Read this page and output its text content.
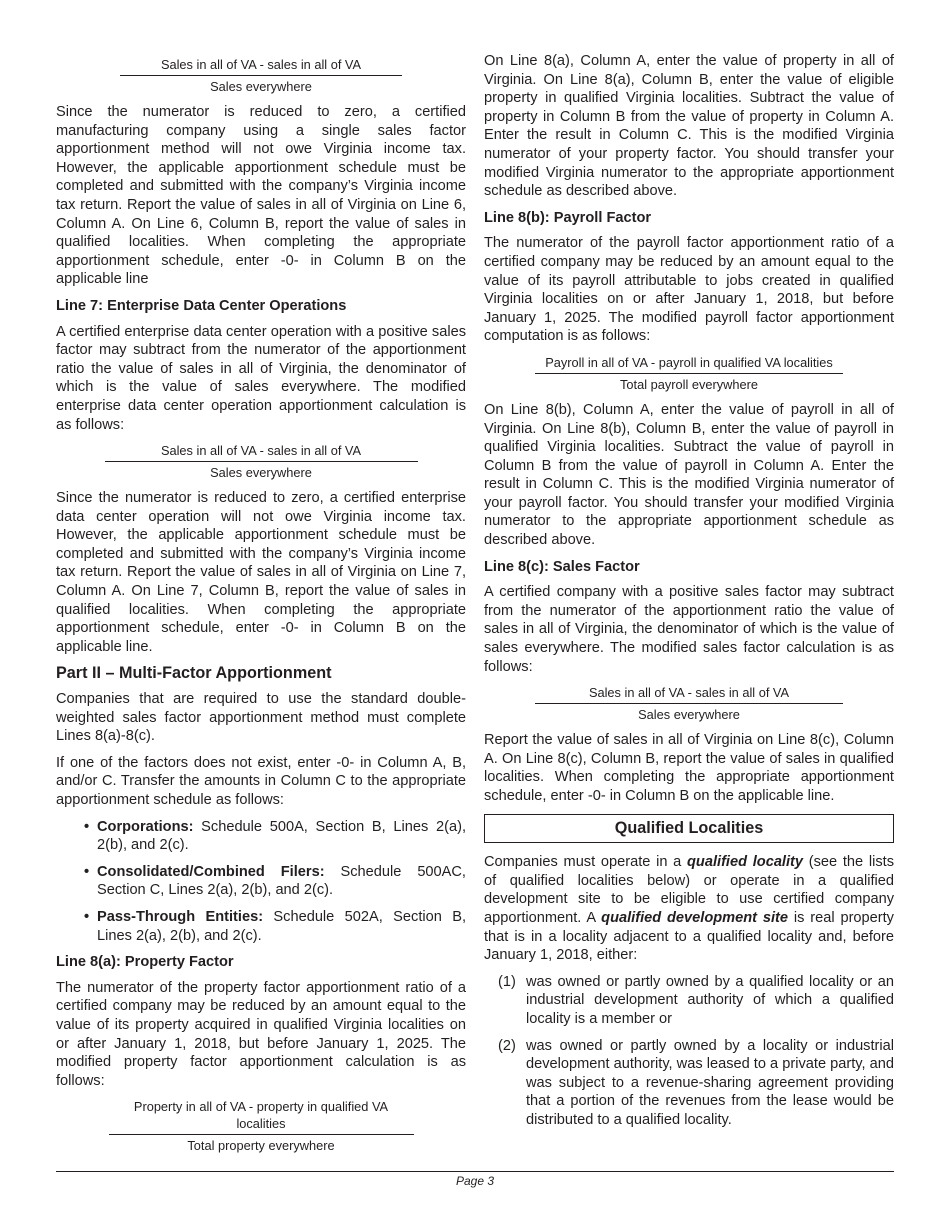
Sales in all of VA - sales in all of VA
Sales everywhere

Since the numerator is reduced to zero, a certified manufacturing company using a single sales factor apportionment method will not owe Virginia income tax. However, the applicable apportionment schedule must be completed and submitted with the company’s Virginia income tax return. Report the value of sales in all of Virginia on Line 6, Column A. On Line 6, Column B, report the value of sales in qualified localities. When completing the appropriate apportionment schedule, enter -0- in Column B on the applicable line

Line 7: Enterprise Data Center Operations

A certified enterprise data center operation with a positive sales factor may subtract from the numerator of the apportionment ratio the value of sales in all of Virginia, the denominator of which is the value of sales everywhere. The modified enterprise data center operation apportionment calculation is as follows:

Sales in all of VA - sales in all of VA
Sales everywhere

Since the numerator is reduced to zero, a certified enterprise data center operation will not owe Virginia income tax. However, the applicable apportionment schedule must be completed and submitted with the company’s Virginia income tax return. Report the value of sales in all of Virginia on Line 7, Column A. On Line 7, Column B, report the value of sales in qualified localities. When completing the appropriate apportionment schedule, enter -0- in Column B on the applicable line.

Part II – Multi-Factor Apportionment

Companies that are required to use the standard double-weighted sales factor apportionment method must complete Lines 8(a)-8(c).

If one of the factors does not exist, enter -0- in Column A, B, and/or C. Transfer the amounts in Column C to the appropriate apportionment schedule as follows:

• Corporations: Schedule 500A, Section B, Lines 2(a), 2(b), and 2(c).
• Consolidated/Combined Filers: Schedule 500AC, Section C, Lines 2(a), 2(b), and 2(c).
• Pass-Through Entities: Schedule 502A, Section B, Lines 2(a), 2(b), and 2(c).

Line 8(a): Property Factor

The numerator of the property factor apportionment ratio of a certified company may be reduced by an amount equal to the value of its property acquired in qualified Virginia localities on or after January 1, 2018, but before January 1, 2025. The modified property factor apportionment calculation is as follows:

Property in all of VA - property in qualified VA localities
Total property everywhere

On Line 8(a), Column A, enter the value of property in all of Virginia. On Line 8(a), Column B, enter the value of eligible property in qualified Virginia localities. Subtract the value of property in Column B from the value of property in Column A. Enter the result in Column C. This is the modified Virginia numerator of your property factor. You should transfer your modified Virginia numerator to the appropriate apportionment schedule as described above.

Line 8(b): Payroll Factor

The numerator of the payroll factor apportionment ratio of a certified company may be reduced by an amount equal to the value of its payroll attributable to jobs created in qualified Virginia localities on or after January 1, 2018, but before January 1, 2025. The modified payroll factor apportionment computation is as follows:

Payroll in all of VA - payroll in qualified VA localities
Total payroll everywhere

On Line 8(b), Column A, enter the value of payroll in all of Virginia. On Line 8(b), Column B, enter the value of payroll in qualified Virginia localities. Subtract the value of payroll in Column B from the value of payroll in Column A. Enter the result in Column C. This is the modified Virginia numerator of your payroll factor. You should transfer your modified Virginia numerator to the appropriate apportionment schedule as described above.

Line 8(c): Sales Factor

A certified company with a positive sales factor may subtract from the numerator of the apportionment ratio the value of sales in all of Virginia, the denominator of which is the value of sales everywhere. The modified sales factor calculation is as follows:

Sales in all of VA - sales in all of VA
Sales everywhere

Report the value of sales in all of Virginia on Line 8(c), Column A. On Line 8(c), Column B, report the value of sales in qualified localities. When completing the appropriate apportionment schedule, enter -0- in Column B on the applicable line.

Qualified Localities

Companies must operate in a qualified locality (see the lists of qualified localities below) or operate in a qualified development site to be eligible to use certified company apportionment. A qualified development site is real property that is in a locality adjacent to a qualified locality and, before January 1, 2018, either:

(1) was owned or partly owned by a qualified locality or an industrial development authority of which a qualified locality is a member or
(2) was owned or partly owned by a locality or industrial development authority, was leased to a private party, and was subject to a revenue-sharing agreement providing that a portion of the revenues from the lease would be distributed to a qualified locality.
Page 3
